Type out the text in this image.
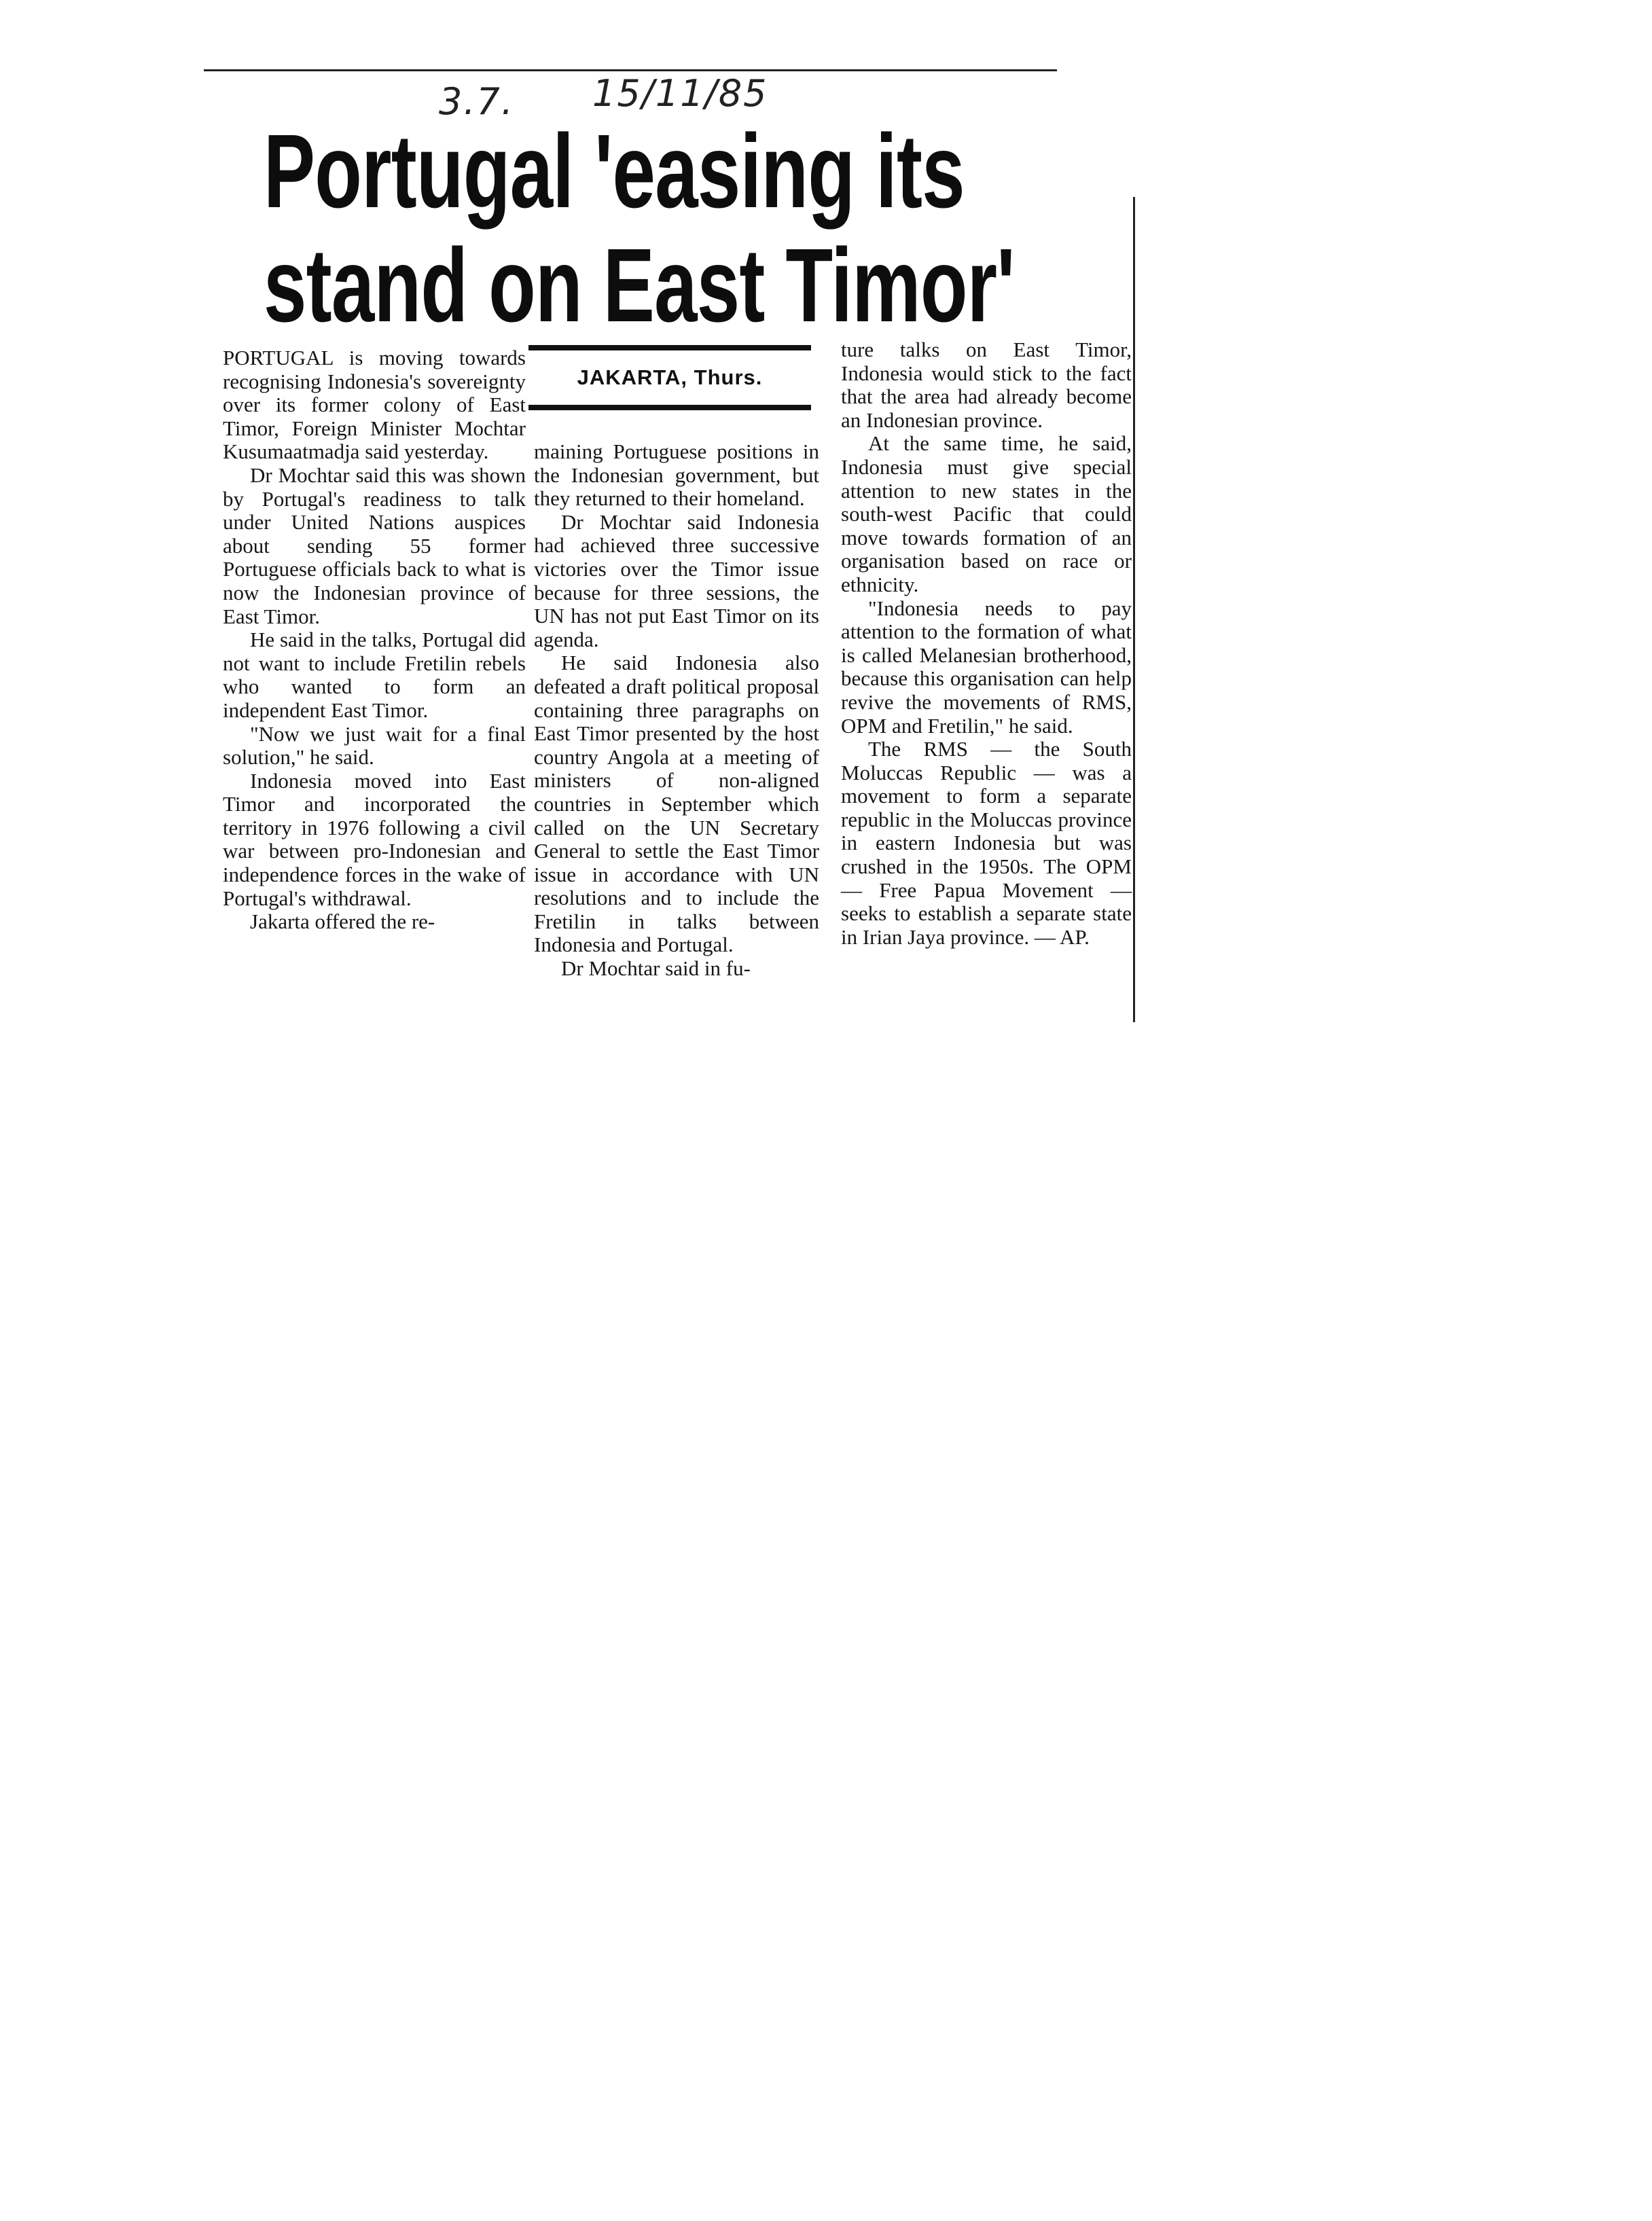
3.7. 15/11/85
Portugal 'easing its
stand on East Timor'

PORTUGAL is moving towards recognising Indonesia's sovereignty over its former colony of East Timor, Foreign Minister Mochtar Kusumaatmadja said yesterday.

Dr Mochtar said this was shown by Portugal's readiness to talk under United Nations auspices about sending 55 former Portuguese officials back to what is now the Indonesian province of East Timor.

He said in the talks, Portugal did not want to include Fretilin rebels who wanted to form an independent East Timor.

"Now we just wait for a final solution," he said.

Indonesia moved into East Timor and incorporated the territory in 1976 following a civil war between pro-Indonesian and independence forces in the wake of Portugal's withdrawal.

Jakarta offered the re-

JAKARTA, Thurs.

maining Portuguese positions in the Indonesian government, but they returned to their homeland.

Dr Mochtar said Indonesia had achieved three successive victories over the Timor issue because for three sessions, the UN has not put East Timor on its agenda.

He said Indonesia also defeated a draft political proposal containing three paragraphs on East Timor presented by the host country Angola at a meeting of ministers of non-aligned countries in September which called on the UN Secretary General to settle the East Timor issue in accordance with UN resolutions and to include the Fretilin in talks between Indonesia and Portugal.

Dr Mochtar said in fu-

ture talks on East Timor, Indonesia would stick to the fact that the area had already become an Indonesian province.

At the same time, he said, Indonesia must give special attention to new states in the south-west Pacific that could move towards formation of an organisation based on race or ethnicity.

"Indonesia needs to pay attention to the formation of what is called Melanesian brotherhood, because this organisation can help revive the movements of RMS, OPM and Fretilin," he said.

The RMS — the South Moluccas Republic — was a movement to form a separate republic in the Moluccas province in eastern Indonesia but was crushed in the 1950s. The OPM — Free Papua Movement — seeks to establish a separate state in Irian Jaya province. — AP.
